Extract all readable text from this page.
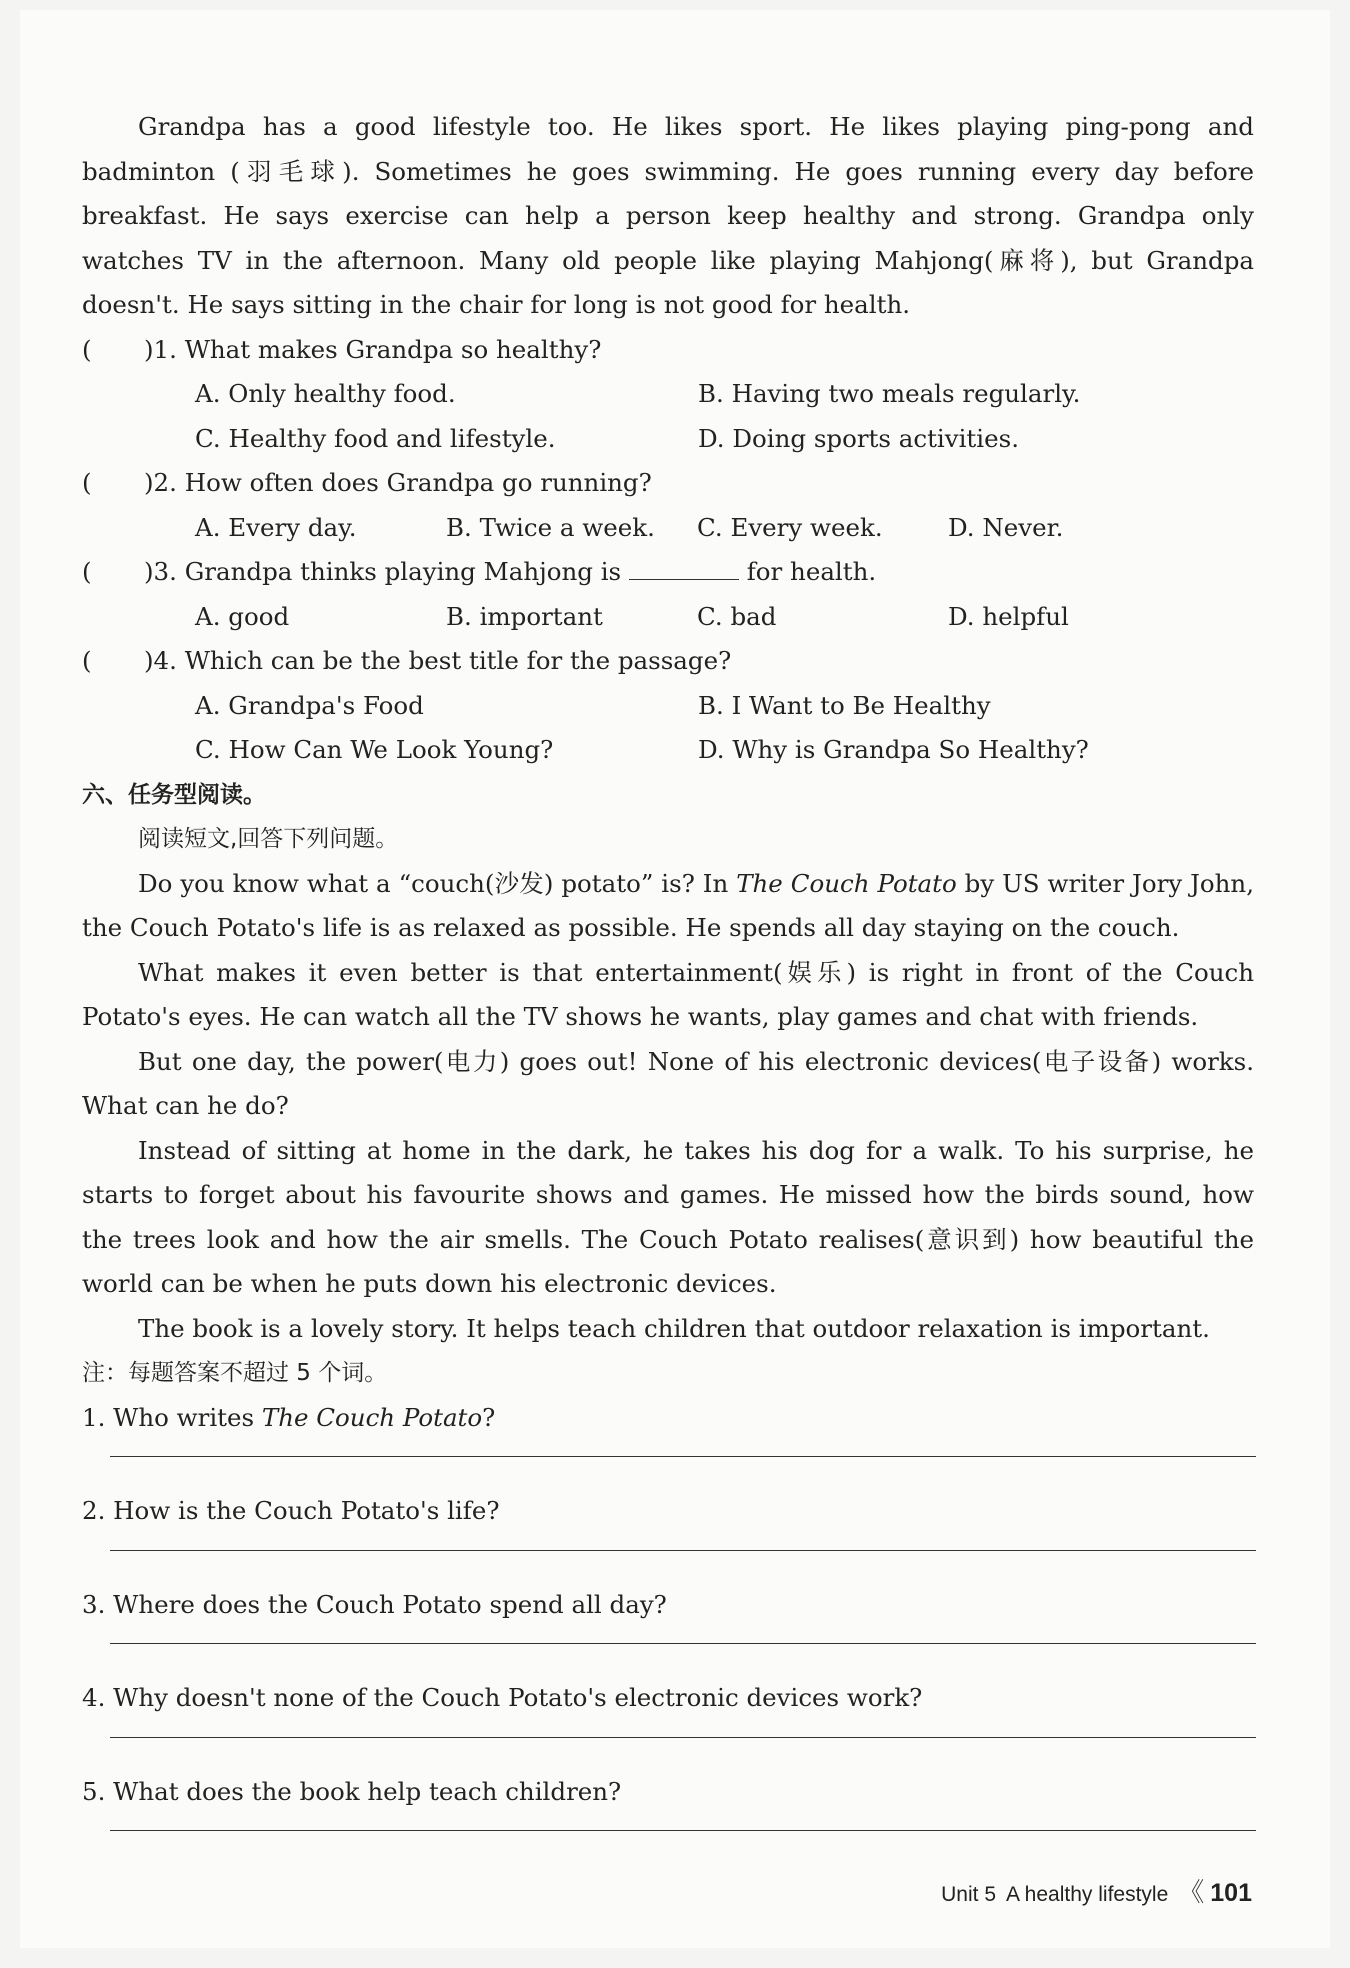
Grandpa has a good lifestyle too. He likes sport. He likes playing ping-pong and badminton (羽毛球). Sometimes he goes swimming. He goes running every day before breakfast. He says exercise can help a person keep healthy and strong. Grandpa only watches TV in the afternoon. Many old people like playing Mahjong(麻将), but Grandpa doesn't. He says sitting in the chair for long is not good for health.

( )1. What makes Grandpa so healthy?

A. Only healthy food.	B. Having two meals regularly.
C. Healthy food and lifestyle.	D. Doing sports activities.

( )2. How often does Grandpa go running?

A. Every day.	B. Twice a week.	C. Every week.	D. Never.

( )3. Grandpa thinks playing Mahjong is	for health.

A. good	B. important	C. bad	D. helpful

( )4. Which can be the best title for the passage?

A. Grandpa's Food	B. I Want to Be Healthy
C. How Can We Look Young?	D. Why is Grandpa So Healthy?

六、任务型阅读。

阅读短文,回答下列问题。

Do you know what a “couch(沙发) potato” is? In The Couch Potato by US writer Jory John, the Couch Potato's life is as relaxed as possible. He spends all day staying on the couch.

What makes it even better is that entertainment(娱乐) is right in front of the Couch Potato's eyes. He can watch all the TV shows he wants, play games and chat with friends.

But one day, the power(电力) goes out! None of his electronic devices(电子设备) works. What can he do?

Instead of sitting at home in the dark, he takes his dog for a walk. To his surprise, he starts to forget about his favourite shows and games. He missed how the birds sound, how the trees look and how the air smells. The Couch Potato realises(意识到) how beautiful the world can be when he puts down his electronic devices.

The book is a lovely story. It helps teach children that outdoor relaxation is important.

注：每题答案不超过 5 个词。

1. Who writes The Couch Potato?

2. How is the Couch Potato's life?

3. Where does the Couch Potato spend all day?

4. Why doesn't none of the Couch Potato's electronic devices work?

5. What does the book help teach children?

Unit 5 A healthy lifestyle 《 101
